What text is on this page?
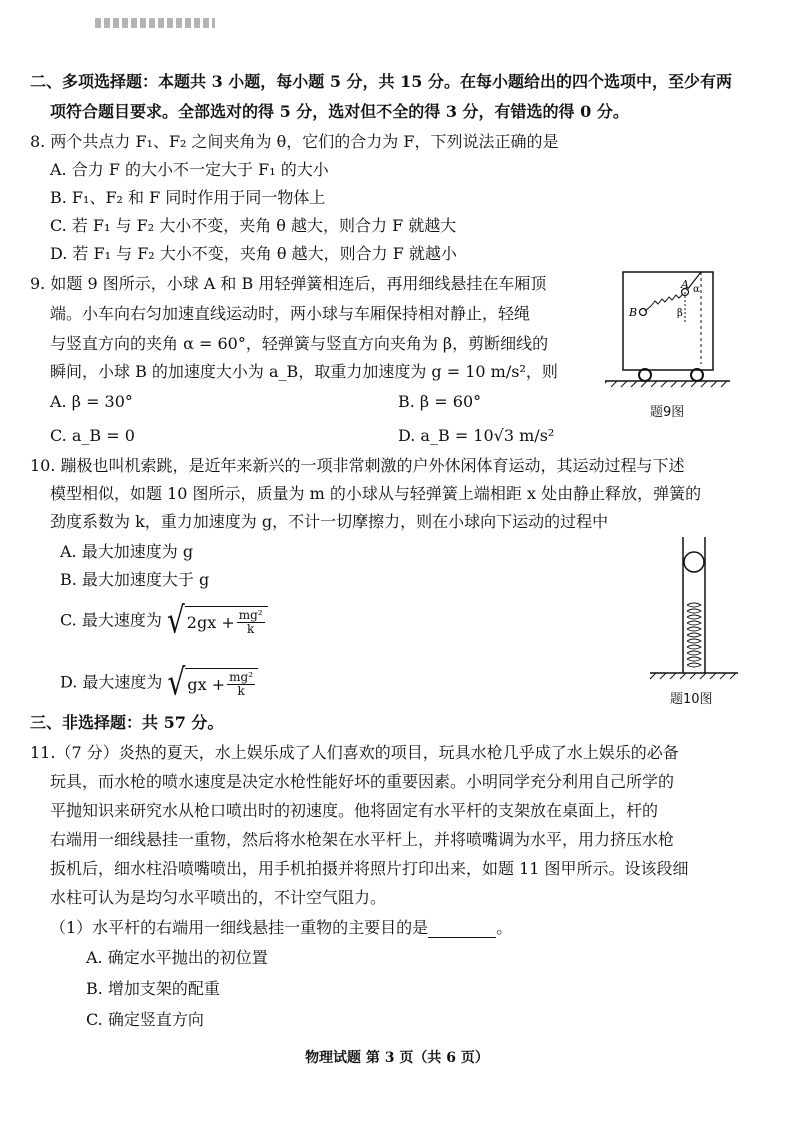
二、多项选择题：本题共 3 小题，每小题 5 分，共 15 分。在每小题给出的四个选项中，至少有两
项符合题目要求。全部选对的得 5 分，选对但不全的得 3 分，有错选的得 0 分。
8. 两个共点力 F₁、F₂ 之间夹角为 θ，它们的合力为 F，下列说法正确的是
A. 合力 F 的大小不一定大于 F₁ 的大小
B. F₁、F₂ 和 F 同时作用于同一物体上
C. 若 F₁ 与 F₂ 大小不变，夹角 θ 越大，则合力 F 就越大
D. 若 F₁ 与 F₂ 大小不变，夹角 θ 越大，则合力 F 就越小
9. 如题 9 图所示，小球 A 和 B 用轻弹簧相连后，再用细线悬挂在车厢顶
端。小车向右匀加速直线运动时，两小球与车厢保持相对静止，轻绳
与竖直方向的夹角 α = 60°，轻弹簧与竖直方向夹角为 β，剪断细线的
瞬间，小球 B 的加速度大小为 a_B，取重力加速度为 g = 10 m/s²，则
A. β = 30°	B. β = 60°
C. a_B = 0	D. a_B = 10√3 m/s²
A
B
α
β
题9图
10. 蹦极也叫机索跳，是近年来新兴的一项非常刺激的户外休闲体育运动，其运动过程与下述
模型相似，如题 10 图所示，质量为 m 的小球从与轻弹簧上端相距 x 处由静止释放，弹簧的
劲度系数为 k，重力加速度为 g，不计一切摩擦力，则在小球向下运动的过程中
A. 最大加速度为 g
B. 最大加速度大于 g
C. 最大速度为 √ $2gx + \frac{\text{mg²}}{k}$
D. 最大速度为 √ gx + $\frac{\text{mg²}}{k}$
题10图
三、非选择题：共 57 分。
11.（7 分）炎热的夏天，水上娱乐成了人们喜欢的项目，玩具水枪几乎成了水上娱乐的必备
玩具，而水枪的喷水速度是决定水枪性能好坏的重要因素。小明同学充分利用自己所学的
平抛知识来研究水从枪口喷出时的初速度。他将固定有水平杆的支架放在桌面上，杆的
右端用一细线悬挂一重物，然后将水枪架在水平杆上，并将喷嘴调为水平，用力挤压水枪
扳机后，细水柱沿喷嘴喷出，用手机拍摄并将照片打印出来，如题 11 图甲所示。设该段细
水柱可认为是均匀水平喷出的，不计空气阻力。
（1）水平杆的右端用一细线悬挂一重物的主要目的是	。
A. 确定水平抛出的初位置
B. 增加支架的配重
C. 确定竖直方向
物理试题 第 3 页（共 6 页）
